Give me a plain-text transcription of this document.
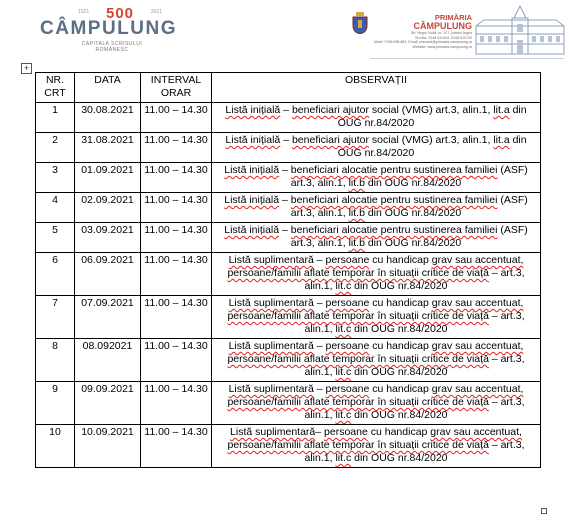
1521	2021
500
CÂMPULUNG
CAPITALA SCRISULUI ROMÂNESC
PRIMĂRIA
CÂMPULUNG
Str. Negru Vodă, nr. 127, județul Argeș
Tel./fax: 0248.511034; 0248.510700
Mobil: 0758.098.883, Email: primaria@primaria-campulung.ro
Website: www.primaria-campulung.ro
+
NR. CRT	DATA	INTERVAL ORAR	OBSERVAȚII
1	30.08.2021	11.00 – 14.30	Listă inițială – beneficiari ajutor social (VMG) art.3, alin.1, lit.a din OUG nr.84/2020
2	31.08.2021	11.00 – 14.30	Listă inițială – beneficiari ajutor social (VMG) art.3, alin.1, lit.a din OUG nr.84/2020
3	01.09.2021	11.00 – 14.30	Listă inițială – beneficiari alocatie pentru sustinerea familiei (ASF) art.3, alin.1, lit.b din OUG nr.84/2020
4	02.09.2021	11.00 – 14.30	Listă inițială – beneficiari alocatie pentru sustinerea familiei (ASF) art.3, alin.1, lit.b din OUG nr.84/2020
5	03.09.2021	11.00 – 14.30	Listă inițială – beneficiari alocatie pentru sustinerea familiei (ASF) art.3, alin.1, lit.b din OUG nr.84/2020
6	06.09.2021	11.00 – 14.30	Listă suplimentară – persoane cu handicap grav sau accentuat, persoane/familii aflate temporar în situații critice de viață – art.3, alin.1, lit.c din OUG nr.84/2020
7	07.09.2021	11.00 – 14.30	Listă suplimentară – persoane cu handicap grav sau accentuat, persoane/familii aflate temporar în situații critice de viață – art.3, alin.1, lit.c din OUG nr.84/2020
8	08.092021	11.00 – 14.30	Listă suplimentară – persoane cu handicap grav sau accentuat, persoane/familii aflate temporar în situații critice de viață – art.3, alin.1, lit.c din OUG nr.84/2020
9	09.09.2021	11.00 – 14.30	Listă suplimentară – persoane cu handicap grav sau accentuat, persoane/familii aflate temporar în situații critice de viață – art.3, alin.1, lit.c din OUG nr.84/2020
10	10.09.2021	11.00 – 14.30	Listă suplimentară– persoane cu handicap grav sau accentuat, persoane/familii aflate temporar în situații critice de viață – art.3, alin.1, lit.c din OUG nr.84/2020
